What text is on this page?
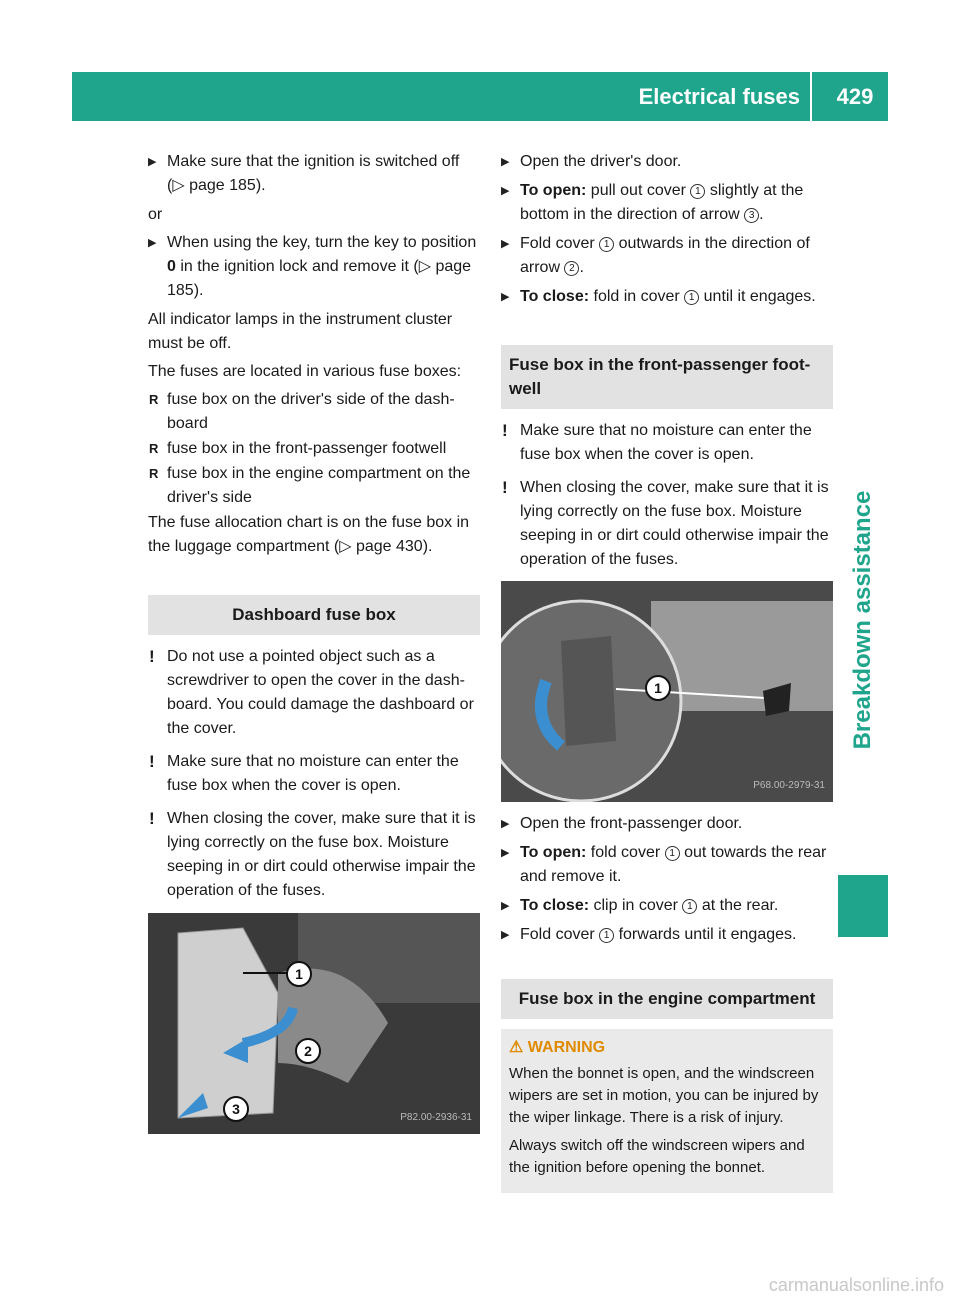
Electrical fuses	429
Breakdown assistance
▶ Make sure that the ignition is switched off (▷ page 185).
or
▶ When using the key, turn the key to position
0 in the ignition lock and remove it (▷ page 185).
All indicator lamps in the instrument cluster must be off.
The fuses are located in various fuse boxes:
R fuse box on the driver's side of the dash-board
R fuse box in the front-passenger footwell
R fuse box in the engine compartment on the driver's side
The fuse allocation chart is on the fuse box in the luggage compartment (▷ page 430).
Dashboard fuse box
! Do not use a pointed object such as a screwdriver to open the cover in the dash-board. You could damage the dashboard or the cover.
! Make sure that no moisture can enter the fuse box when the cover is open.
! When closing the cover, make sure that it is lying correctly on the fuse box. Moisture seeping in or dirt could otherwise impair the operation of the fuses.
1
2
3
P82.00-2936-31
▶ Open the driver's door.
▶ To open: pull out cover 1 slightly at the bottom in the direction of arrow 3 .
▶ Fold cover 1 outwards in the direction of arrow 2 .
▶ To close: fold in cover 1 until it engages.
Fuse box in the front-passenger foot-well
! Make sure that no moisture can enter the fuse box when the cover is open.
! When closing the cover, make sure that it is lying correctly on the fuse box. Moisture seeping in or dirt could otherwise impair the operation of the fuses.
1
P68.00-2979-31
▶ Open the front-passenger door.
▶ To open: fold cover 1 out towards the rear and remove it.
▶ To close: clip in cover 1 at the rear.
▶ Fold cover 1 forwards until it engages.
Fuse box in the engine compartment
⚠ WARNING

When the bonnet is open, and the windscreen wipers are set in motion, you can be injured by the wiper linkage. There is a risk of injury.

Always switch off the windscreen wipers and the ignition before opening the bonnet.

carmanualsonline.info
